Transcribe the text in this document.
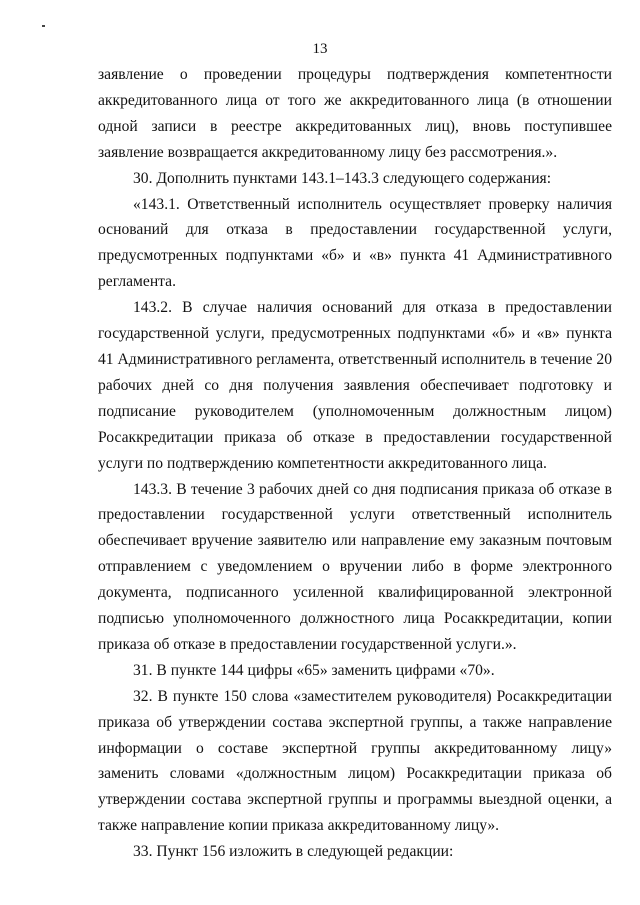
13

заявление о проведении процедуры подтверждения компетентности аккредитованного лица от того же аккредитованного лица (в отношении одной записи в реестре аккредитованных лиц), вновь поступившее заявление возвращается аккредитованному лицу без рассмотрения.».

30. Дополнить пунктами 143.1–143.3 следующего содержания:

«143.1. Ответственный исполнитель осуществляет проверку наличия оснований для отказа в предоставлении государственной услуги, предусмотренных подпунктами «б» и «в» пункта 41 Административного регламента.

143.2. В случае наличия оснований для отказа в предоставлении государственной услуги, предусмотренных подпунктами «б» и «в» пункта 41 Административного регламента, ответственный исполнитель в течение 20 рабочих дней со дня получения заявления обеспечивает подготовку и подписание руководителем (уполномоченным должностным лицом) Росаккредитации приказа об отказе в предоставлении государственной услуги по подтверждению компетентности аккредитованного лица.

143.3. В течение 3 рабочих дней со дня подписания приказа об отказе в предоставлении государственной услуги ответственный исполнитель обеспечивает вручение заявителю или направление ему заказным почтовым отправлением с уведомлением о вручении либо в форме электронного документа, подписанного усиленной квалифицированной электронной подписью уполномоченного должностного лица Росаккредитации, копии приказа об отказе в предоставлении государственной услуги.».

31. В пункте 144 цифры «65» заменить цифрами «70».

32. В пункте 150 слова «заместителем руководителя) Росаккредитации приказа об утверждении состава экспертной группы, а также направление информации о составе экспертной группы аккредитованному лицу» заменить словами «должностным лицом) Росаккредитации приказа об утверждении состава экспертной группы и программы выездной оценки, а также направление копии приказа аккредитованному лицу».

33. Пункт 156 изложить в следующей редакции:
